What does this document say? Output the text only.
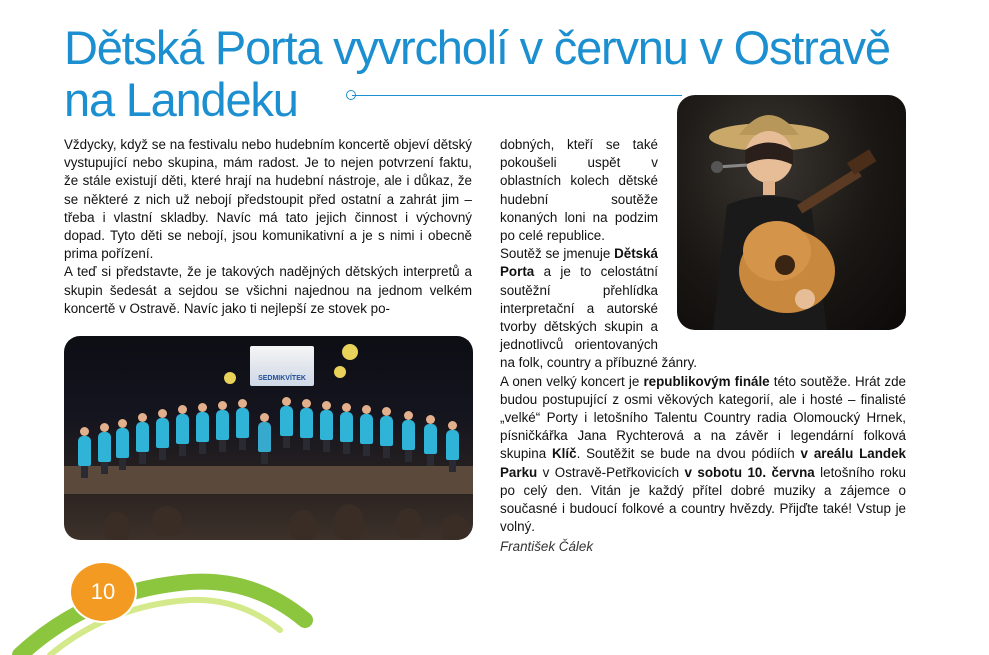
Dětská Porta vyvrcholí v červnu v Ostravě na Landeku

Vždycky, když se na festivalu nebo hudebním koncertě objeví dětský vystupující nebo skupina, mám radost. Je to nejen potvrzení faktu, že stále existují děti, které hrají na hudební nástroje, ale i důkaz, že se některé z nich už nebojí předstoupit před ostatní a zahrát jim – třeba i vlastní skladby. Navíc má tato jejich činnost i výchovný dopad. Tyto děti se nebojí, jsou komunikativní a je s nimi i obecně prima pořízení.

A teď si představte, že je takových nadějných dětských interpretů a skupin šedesát a sejdou se všichni najednou na jednom velkém koncertě v Ostravě. Navíc jako ti nejlepší ze stovek po-

SEDMIKVÍTEK

dobných, kteří se také pokoušeli uspět v oblastních kolech dětské hudební soutěže konaných loni na podzim po celé republice.

Soutěž se jmenuje Dětská Porta a je to celostátní soutěžní přehlídka interpretační a autorské tvorby dětských skupin a jednotlivců orientovaných na folk, country a příbuzné žánry.

A onen velký koncert je republikovým finále této soutěže. Hrát zde budou postupující z osmi věkových kategorií, ale i hosté – finalisté „velké“ Porty i letošního Talentu Country radia Olomoucký Hrnek, písničkářka Jana Rychterová a na závěr i legendární folková skupina Klíč. Soutěžit se bude na dvou pódiích v areálu Landek Parku v Ostravě-Petřkovicích v sobotu 10. června letošního roku po celý den. Vitán je každý přítel dobré muziky a zájemce o současné i budoucí folkové a country hvězdy. Přijďte také! Vstup je volný.

František Čálek
10
